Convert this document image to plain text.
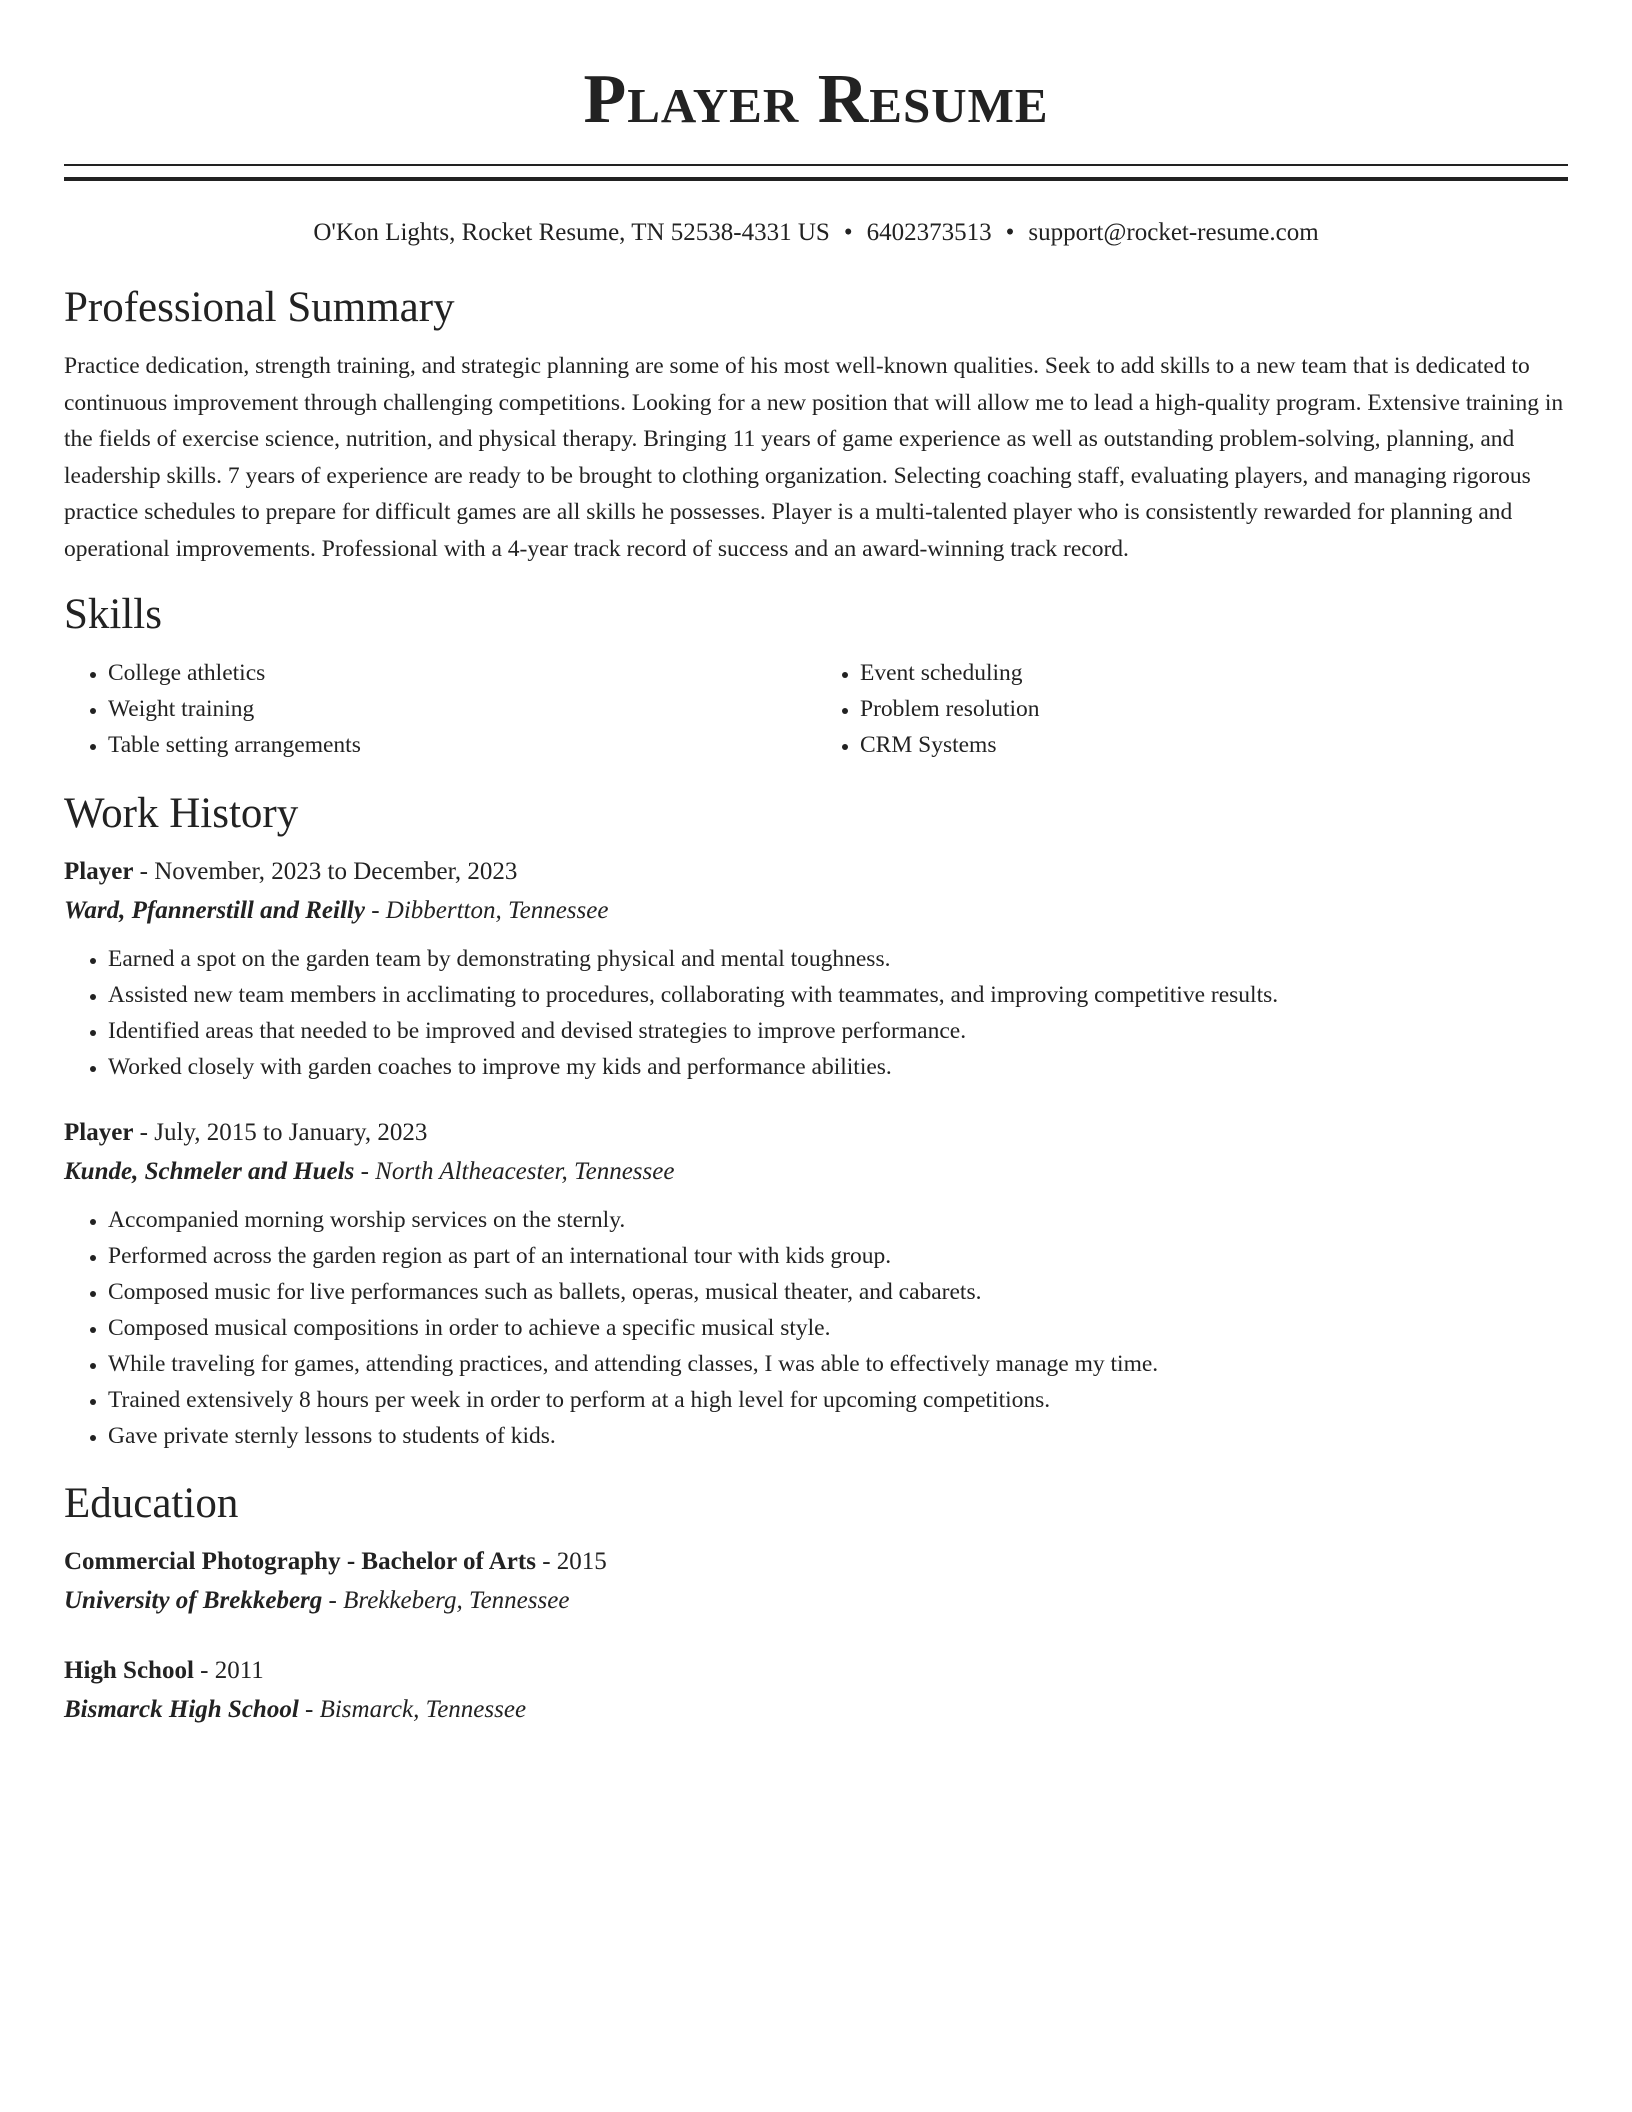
Player Resume
O'Kon Lights, Rocket Resume, TN 52538-4331 US • 6402373513 • support@rocket-resume.com
Professional Summary

Practice dedication, strength training, and strategic planning are some of his most well-known qualities. Seek to add skills to a new team that is dedicated to continuous improvement through challenging competitions. Looking for a new position that will allow me to lead a high-quality program. Extensive training in the fields of exercise science, nutrition, and physical therapy. Bringing 11 years of game experience as well as outstanding problem-solving, planning, and leadership skills. 7 years of experience are ready to be brought to clothing organization. Selecting coaching staff, evaluating players, and managing rigorous practice schedules to prepare for difficult games are all skills he possesses. Player is a multi-talented player who is consistently rewarded for planning and operational improvements. Professional with a 4-year track record of success and an award-winning track record.

Skills
• College athletics
• Weight training
• Table setting arrangements
• Event scheduling
• Problem resolution
• CRM Systems
Work History
Player - November, 2023 to December, 2023
Ward, Pfannerstill and Reilly - Dibbertton, Tennessee
• Earned a spot on the garden team by demonstrating physical and mental toughness.
• Assisted new team members in acclimating to procedures, collaborating with teammates, and improving competitive results.
• Identified areas that needed to be improved and devised strategies to improve performance.
• Worked closely with garden coaches to improve my kids and performance abilities.
Player - July, 2015 to January, 2023
Kunde, Schmeler and Huels - North Altheacester, Tennessee
• Accompanied morning worship services on the sternly.
• Performed across the garden region as part of an international tour with kids group.
• Composed music for live performances such as ballets, operas, musical theater, and cabarets.
• Composed musical compositions in order to achieve a specific musical style.
• While traveling for games, attending practices, and attending classes, I was able to effectively manage my time.
• Trained extensively 8 hours per week in order to perform at a high level for upcoming competitions.
• Gave private sternly lessons to students of kids.
Education
Commercial Photography - Bachelor of Arts - 2015
University of Brekkeberg - Brekkeberg, Tennessee
High School - 2011
Bismarck High School - Bismarck, Tennessee
